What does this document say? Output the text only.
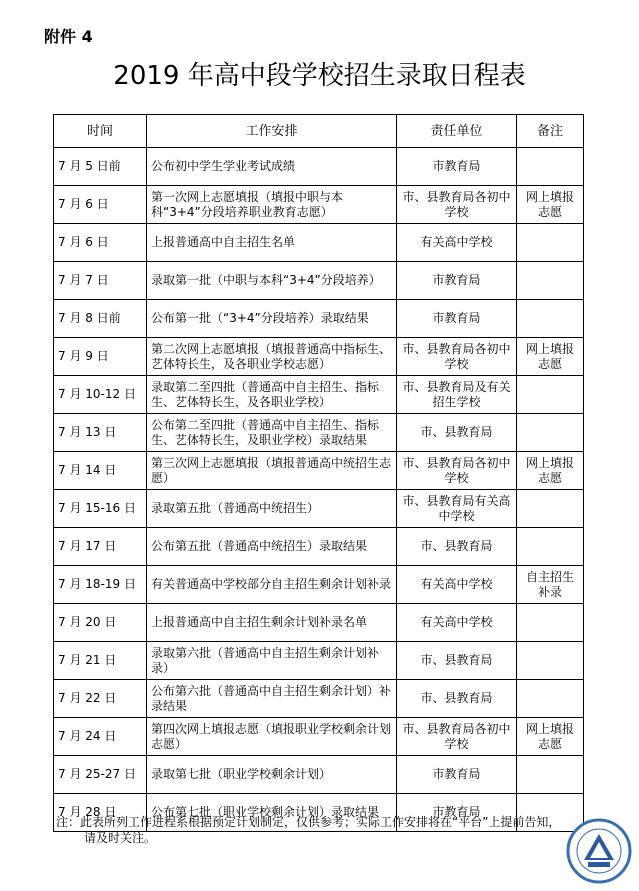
附件 4
2019 年高中段学校招生录取日程表
时间	工作安排	责任单位	备注
7 月 5 日前	公布初中学生学业考试成绩	市教育局	
7 月 6 日	第一次网上志愿填报（填报中职与本科“3+4”分段培养职业教育志愿）	市、县教育局各初中学校	网上填报志愿
7 月 6 日	上报普通高中自主招生名单	有关高中学校	
7 月 7 日	录取第一批（中职与本科“3+4”分段培养）	市教育局	
7 月 8 日前	公布第一批（“3+4”分段培养）录取结果	市教育局	
7 月 9 日	第二次网上志愿填报（填报普通高中指标生、艺体特长生，及各职业学校志愿）	市、县教育局各初中学校	网上填报志愿
7 月 10-12 日	录取第二至四批（普通高中自主招生、指标生、艺体特长生，及各职业学校）	市、县教育局及有关招生学校	
7 月 13 日	公布第二至四批（普通高中自主招生、指标生、艺体特长生，及职业学校）录取结果	市、县教育局	
7 月 14 日	第三次网上志愿填报（填报普通高中统招生志愿）	市、县教育局各初中学校	网上填报志愿
7 月 15-16 日	录取第五批（普通高中统招生）	市、县教育局有关高中学校	
7 月 17 日	公布第五批（普通高中统招生）录取结果	市、县教育局	
7 月 18-19 日	有关普通高中学校部分自主招生剩余计划补录	有关高中学校	自主招生补录
7 月 20 日	上报普通高中自主招生剩余计划补录名单	有关高中学校	
7 月 21 日	录取第六批（普通高中自主招生剩余计划补录）	市、县教育局	
7 月 22 日	公布第六批（普通高中自主招生剩余计划）补录结果	市、县教育局	
7 月 24 日	第四次网上填报志愿（填报职业学校剩余计划志愿）	市、县教育局各初中学校	网上填报志愿
7 月 25-27 日	录取第七批（职业学校剩余计划）	市教育局	
7 月 28 日	公布第七批（职业学校剩余计划）录取结果	市教育局	
注：此表所列工作进程系根据预定计划制定，仅供参考；实际工作安排将在“平台”上提前告知，
请及时关注。
